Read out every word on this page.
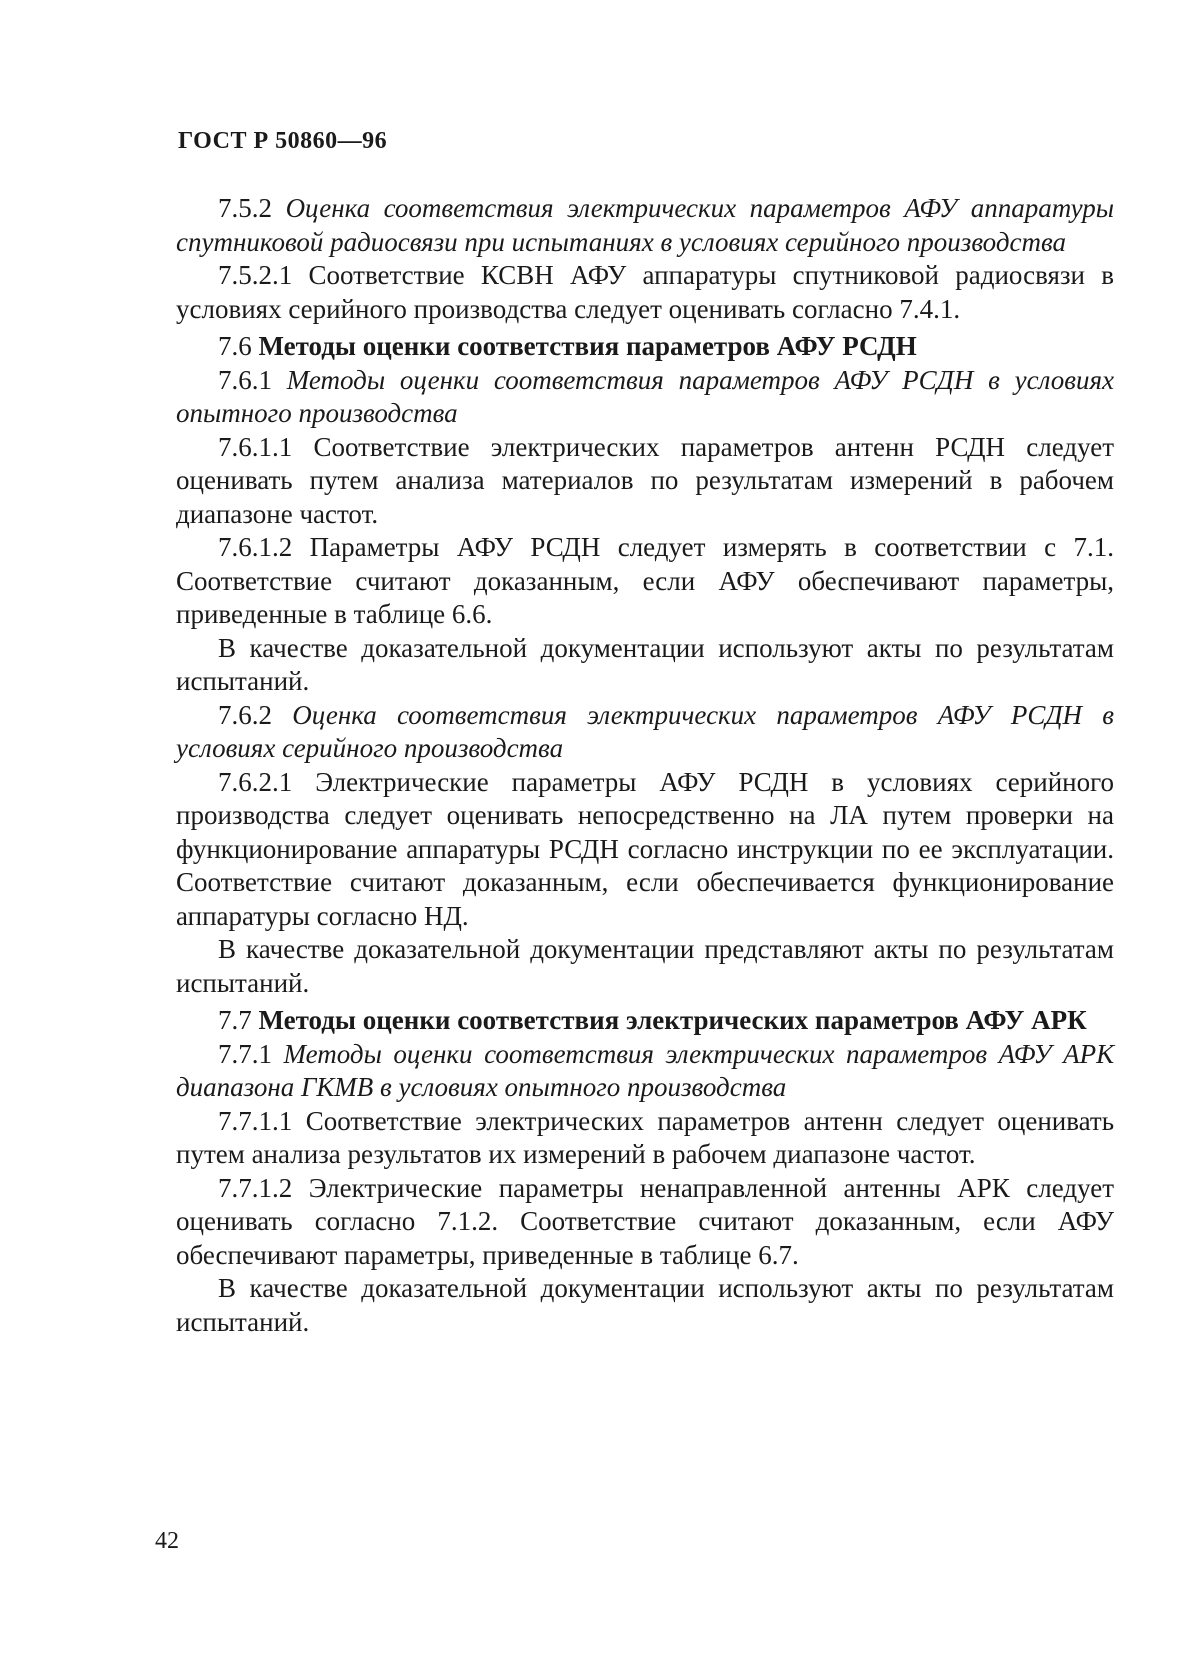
ГОСТ Р 50860—96

7.5.2 Оценка соответствия электрических параметров АФУ аппаратуры спутниковой радиосвязи при испытаниях в условиях серийного производства

7.5.2.1 Соответствие КСВН АФУ аппаратуры спутниковой радиосвязи в условиях серийного производства следует оценивать согласно 7.4.1.

7.6 Методы оценки соответствия параметров АФУ РСДН

7.6.1 Методы оценки соответствия параметров АФУ РСДН в условиях опытного производства

7.6.1.1 Соответствие электрических параметров антенн РСДН следует оценивать путем анализа материалов по результатам измерений в рабочем диапазоне частот.

7.6.1.2 Параметры АФУ РСДН следует измерять в соответствии с 7.1. Соответствие считают доказанным, если АФУ обеспечивают параметры, приведенные в таблице 6.6.

В качестве доказательной документации используют акты по результатам испытаний.

7.6.2 Оценка соответствия электрических параметров АФУ РСДН в условиях серийного производства

7.6.2.1 Электрические параметры АФУ РСДН в условиях серийного производства следует оценивать непосредственно на ЛА путем проверки на функционирование аппаратуры РСДН согласно инструкции по ее эксплуатации. Соответствие считают доказанным, если обеспечивается функционирование аппаратуры согласно НД.

В качестве доказательной документации представляют акты по результатам испытаний.

7.7 Методы оценки соответствия электрических параметров АФУ АРК

7.7.1 Методы оценки соответствия электрических параметров АФУ АРК диапазона ГКМВ в условиях опытного производства

7.7.1.1 Соответствие электрических параметров антенн следует оценивать путем анализа результатов их измерений в рабочем диапазоне частот.

7.7.1.2 Электрические параметры ненаправленной антенны АРК следует оценивать согласно 7.1.2. Соответствие считают доказанным, если АФУ обеспечивают параметры, приведенные в таблице 6.7.

В качестве доказательной документации используют акты по результатам испытаний.

42
